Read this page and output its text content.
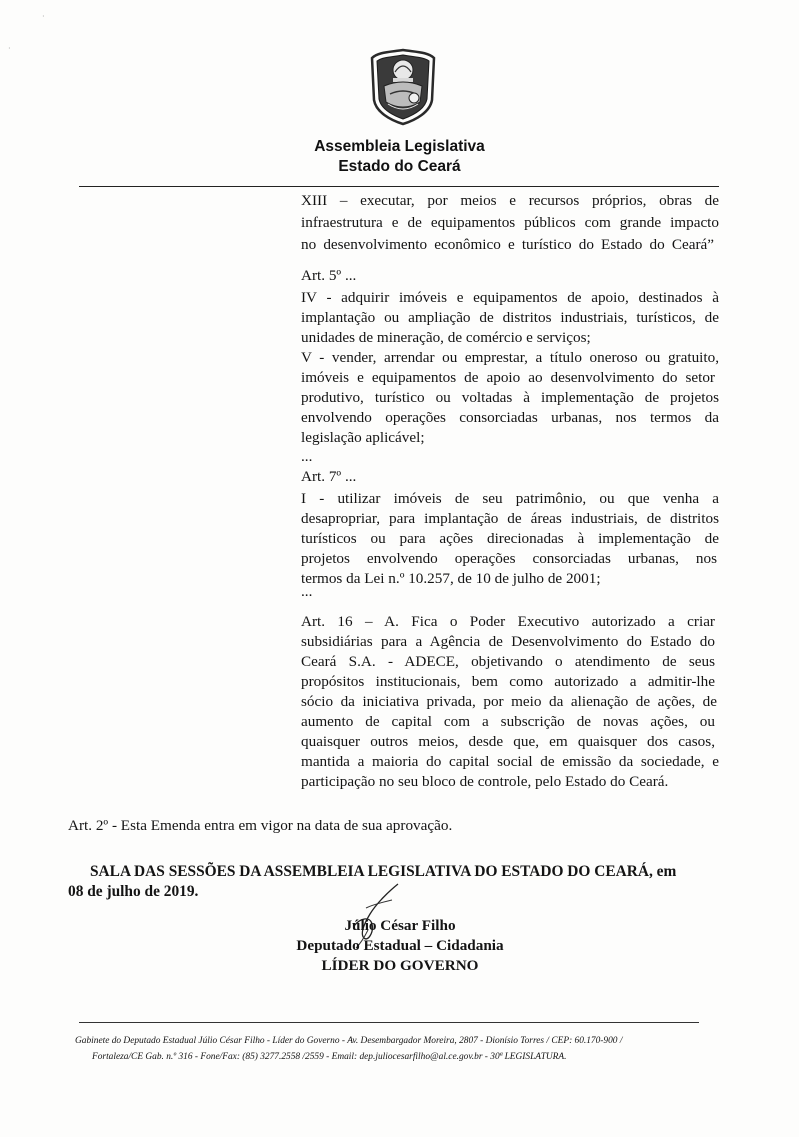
·
·
Assembleia Legislativa
Estado do Ceará
XIII – executar, por meios e recursos próprios, obras de
infraestrutura e de equipamentos públicos com grande impacto
no desenvolvimento econômico e turístico do Estado do Ceará”
Art. 5º ...
IV - adquirir imóveis e equipamentos de apoio, destinados à
implantação ou ampliação de distritos industriais, turísticos, de
unidades de mineração, de comércio e serviços;
V - vender, arrendar ou emprestar, a título oneroso ou gratuito,
imóveis e equipamentos de apoio ao desenvolvimento do setor
produtivo, turístico ou voltadas à implementação de projetos
envolvendo operações consorciadas urbanas, nos termos da
legislação aplicável;
...
Art. 7º ...
I - utilizar imóveis de seu patrimônio, ou que venha a
desapropriar, para implantação de áreas industriais, de distritos
turísticos ou para ações direcionadas à implementação de
projetos envolvendo operações consorciadas urbanas, nos
termos da Lei n.º 10.257, de 10 de julho de 2001;
...
Art. 16 – A. Fica o Poder Executivo autorizado a criar
subsidiárias para a Agência de Desenvolvimento do Estado do
Ceará S.A. - ADECE, objetivando o atendimento de seus
propósitos institucionais, bem como autorizado a admitir-lhe
sócio da iniciativa privada, por meio da alienação de ações, de
aumento de capital com a subscrição de novas ações, ou
quaisquer outros meios, desde que, em quaisquer dos casos,
mantida a maioria do capital social de emissão da sociedade, e
participação no seu bloco de controle, pelo Estado do Ceará.
Art. 2º - Esta Emenda entra em vigor na data de sua aprovação.
SALA DAS SESSÕES DA ASSEMBLEIA LEGISLATIVA DO ESTADO DO CEARÁ, em
08 de julho de 2019.
Júlio César Filho
Deputado Estadual – Cidadania
LÍDER DO GOVERNO
Gabinete do Deputado Estadual Júlio César Filho - Líder do Governo - Av. Desembargador Moreira, 2807 - Dionísio Torres / CEP: 60.170-900 /
Fortaleza/CE Gab. n.º 316 - Fone/Fax: (85) 3277.2558 /2559 - Email: dep.juliocesarfilho@al.ce.gov.br - 30ª LEGISLATURA.
